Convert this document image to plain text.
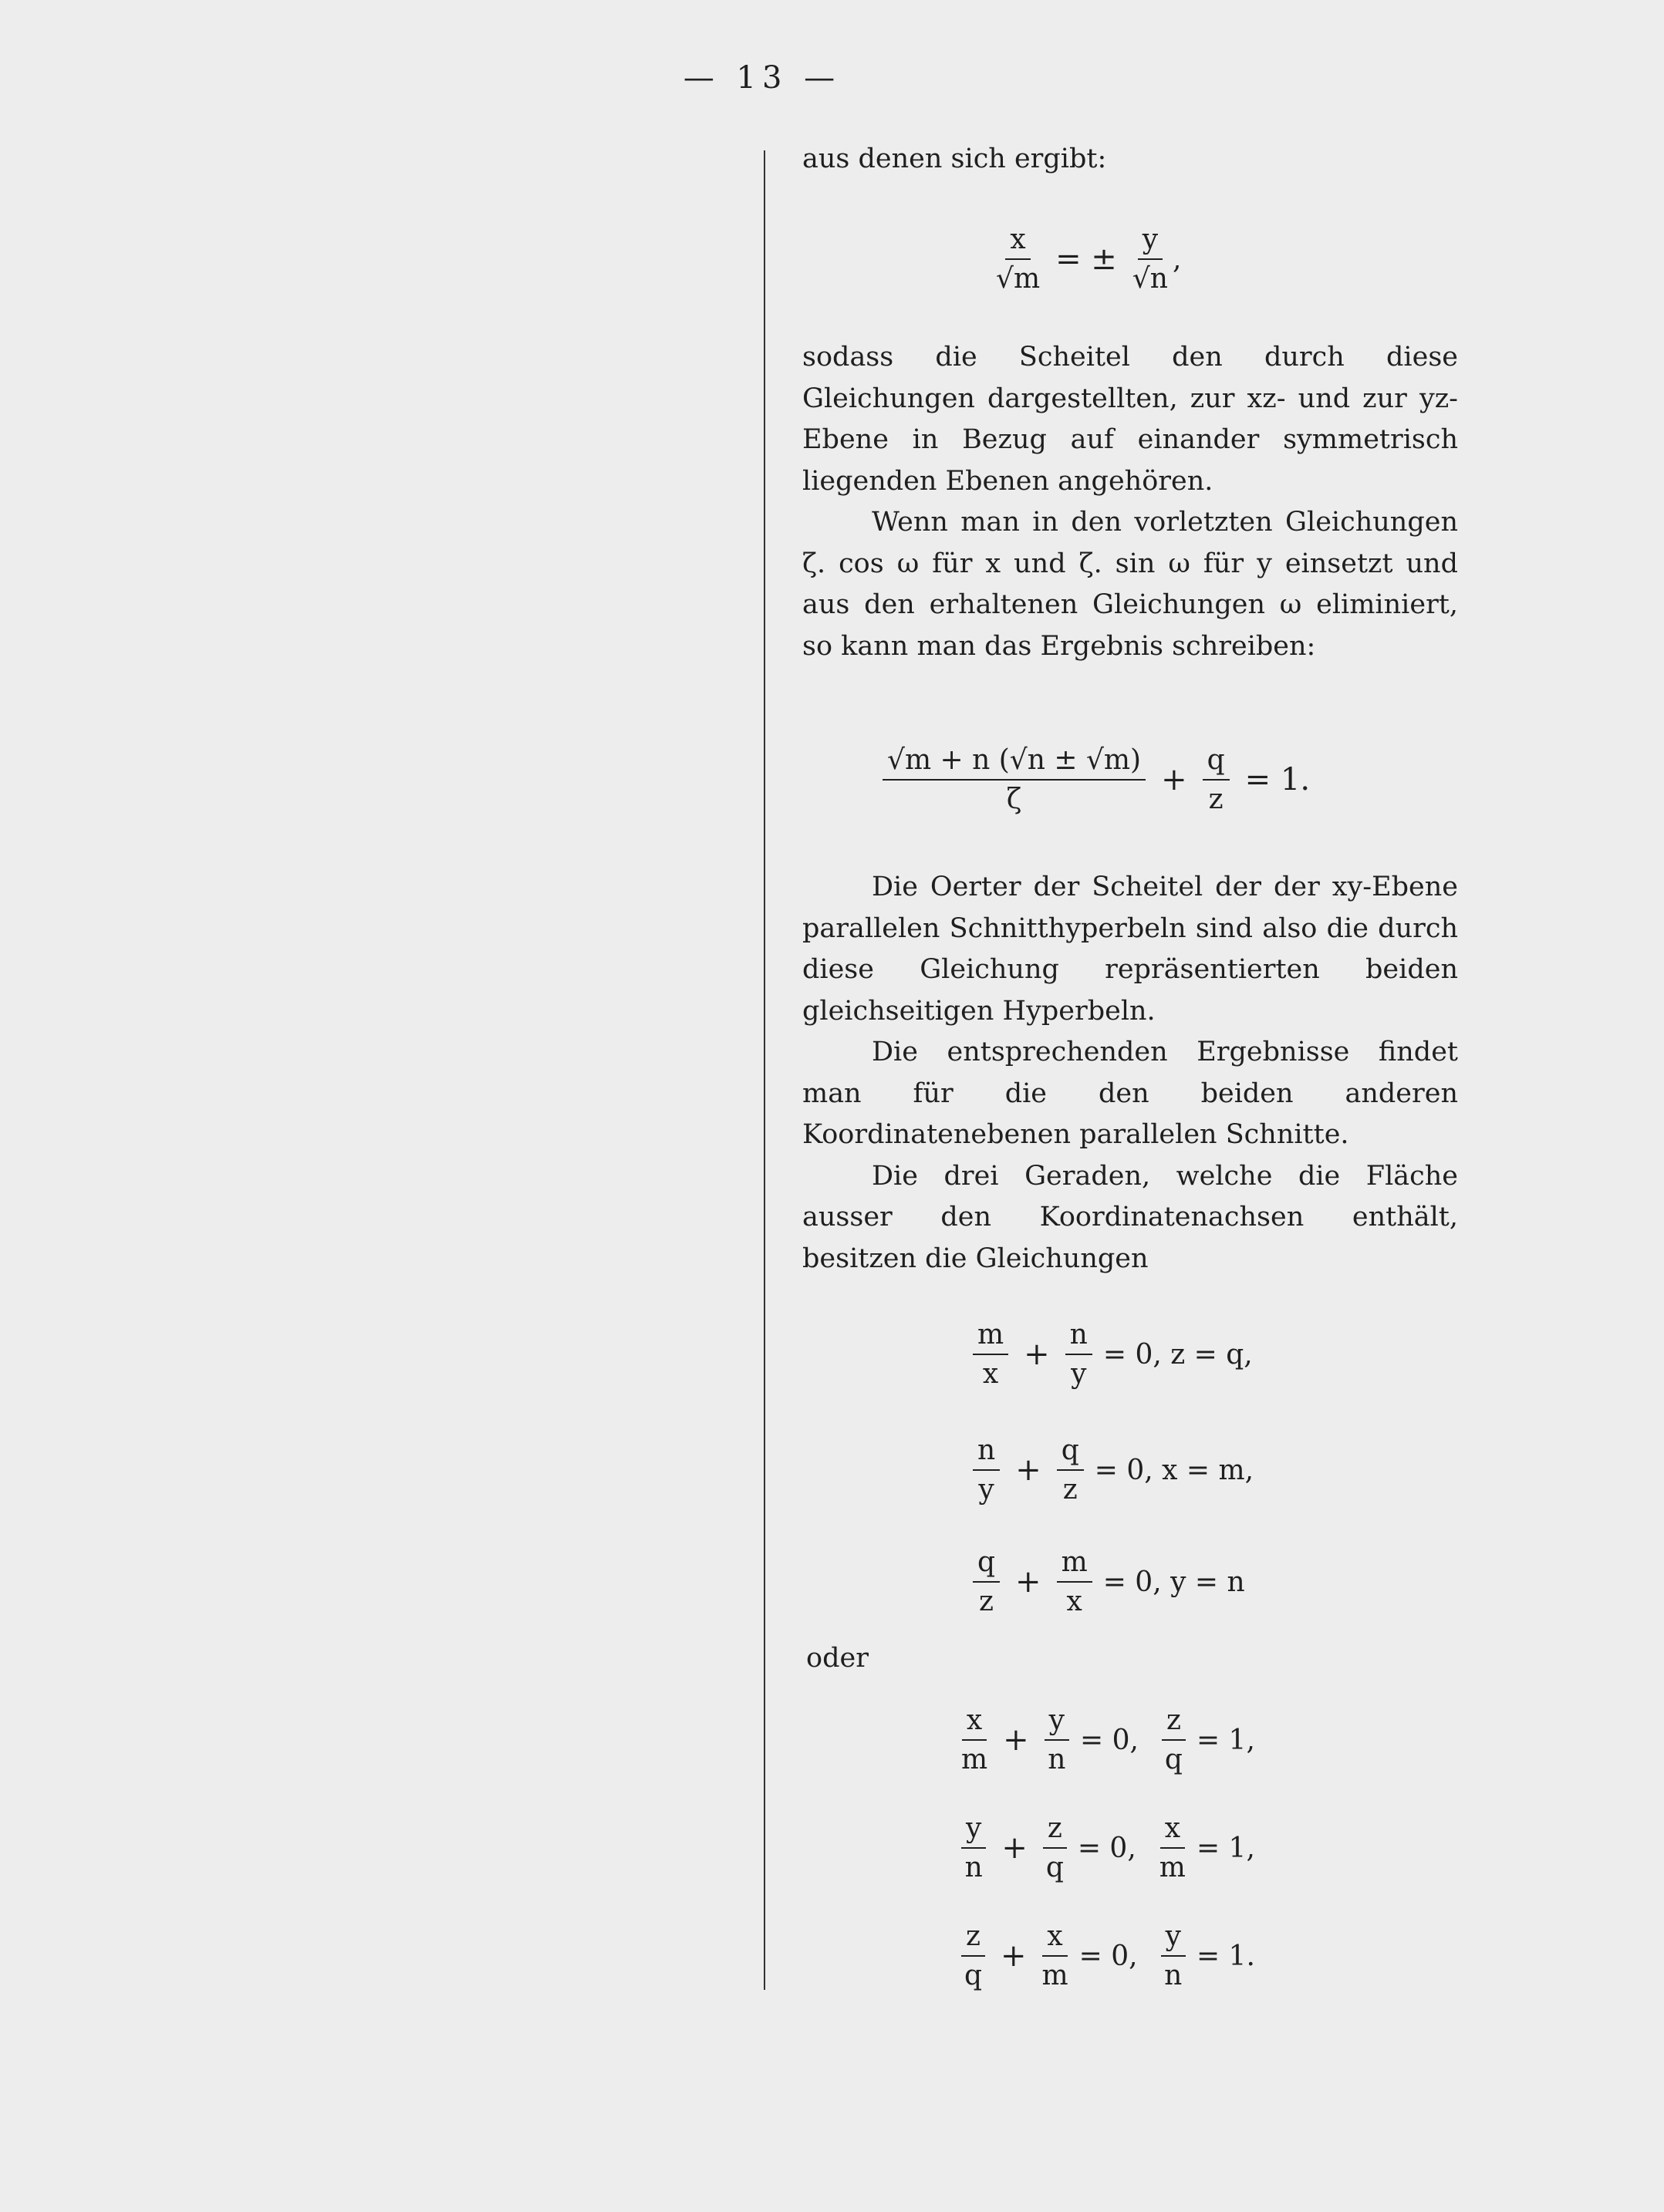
— 13 —

aus denen sich ergibt:

$\frac{x}{√m}$ = ± $\frac{y}{√n}$ ,

sodass die Scheitel den durch diese Gleichungen dargestellten, zur xz- und zur yz-Ebene in Bezug auf einander symmetrisch liegenden Ebenen angehören.

Wenn man in den vorletzten Gleichungen ζ. cos ω für x und ζ. sin ω für y einsetzt und aus den erhaltenen Gleichungen ω eliminiert, so kann man das Ergebnis schreiben:

$\frac{√m + n (√n \pm √m)}{\zeta} + \frac{q}{z} = 1$.

Die Oerter der Scheitel der der xy-Ebene parallelen Schnitthyperbeln sind also die durch diese Gleichung repräsentierten beiden gleichseitigen Hyperbeln.

Die entsprechenden Ergebnisse findet man für die den beiden anderen Koordinatenebenen parallelen Schnitte.

Die drei Geraden, welche die Fläche ausser den Koordinatenachsen enthält, besitzen die Gleichungen

$\frac{m}{x} + \frac{n}{y} = 0$, z = q,
$\frac{n}{y} + \frac{q}{z} = 0$, x = m,
$\frac{q}{z} + \frac{m}{x} = 0$, y = n
oder
$\frac{x}{m} + \frac{y}{n} = 0$, $\frac{z}{q} = 1$,
$\frac{y}{n} + \frac{z}{q} = 0$, $\frac{x}{m} = 1$,
$\frac{z}{q} + \frac{x}{m} = 0$, $\frac{y}{n} = 1$.
